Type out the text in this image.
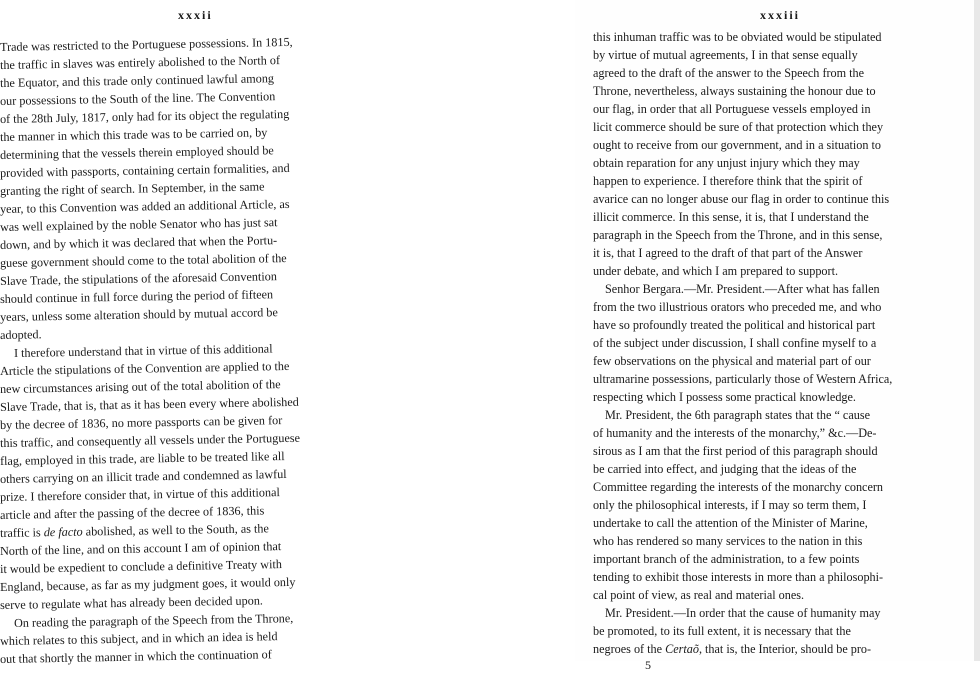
xxxii

Trade was restricted to the Portuguese possessions. In 1815,

the traffic in slaves was entirely abolished to the North of

the Equator, and this trade only continued lawful among

our possessions to the South of the line. The Convention

of the 28th July, 1817, only had for its object the regulating

the manner in which this trade was to be carried on, by

determining that the vessels therein employed should be

provided with passports, containing certain formalities, and

granting the right of search. In September, in the same

year, to this Convention was added an additional Article, as

was well explained by the noble Senator who has just sat

down, and by which it was declared that when the Portu-

guese government should come to the total abolition of the

Slave Trade, the stipulations of the aforesaid Convention

should continue in full force during the period of fifteen

years, unless some alteration should by mutual accord be

adopted.

I therefore understand that in virtue of this additional

Article the stipulations of the Convention are applied to the

new circumstances arising out of the total abolition of the

Slave Trade, that is, that as it has been every where abolished

by the decree of 1836, no more passports can be given for

this traffic, and consequently all vessels under the Portuguese

flag, employed in this trade, are liable to be treated like all

others carrying on an illicit trade and condemned as lawful

prize. I therefore consider that, in virtue of this additional

article and after the passing of the decree of 1836, this

traffic is de facto abolished, as well to the South, as the

North of the line, and on this account I am of opinion that

it would be expedient to conclude a definitive Treaty with

England, because, as far as my judgment goes, it would only

serve to regulate what has already been decided upon.

On reading the paragraph of the Speech from the Throne,

which relates to this subject, and in which an idea is held

out that shortly the manner in which the continuation of

xxxiii

this inhuman traffic was to be obviated would be stipulated

by virtue of mutual agreements, I in that sense equally

agreed to the draft of the answer to the Speech from the

Throne, nevertheless, always sustaining the honour due to

our flag, in order that all Portuguese vessels employed in

licit commerce should be sure of that protection which they

ought to receive from our government, and in a situation to

obtain reparation for any unjust injury which they may

happen to experience. I therefore think that the spirit of

avarice can no longer abuse our flag in order to continue this

illicit commerce. In this sense, it is, that I understand the

paragraph in the Speech from the Throne, and in this sense,

it is, that I agreed to the draft of that part of the Answer

under debate, and which I am prepared to support.

Senhor Bergara.—Mr. President.—After what has fallen

from the two illustrious orators who preceded me, and who

have so profoundly treated the political and historical part

of the subject under discussion, I shall confine myself to a

few observations on the physical and material part of our

ultramarine possessions, particularly those of Western Africa,

respecting which I possess some practical knowledge.

Mr. President, the 6th paragraph states that the “ cause

of humanity and the interests of the monarchy,” &c.—De-

sirous as I am that the first period of this paragraph should

be carried into effect, and judging that the ideas of the

Committee regarding the interests of the monarchy concern

only the philosophical interests, if I may so term them, I

undertake to call the attention of the Minister of Marine,

who has rendered so many services to the nation in this

important branch of the administration, to a few points

tending to exhibit those interests in more than a philosophi-

cal point of view, as real and material ones.

Mr. President.—In order that the cause of humanity may

be promoted, to its full extent, it is necessary that the

negroes of the Certaõ, that is, the Interior, should be pro-

5
